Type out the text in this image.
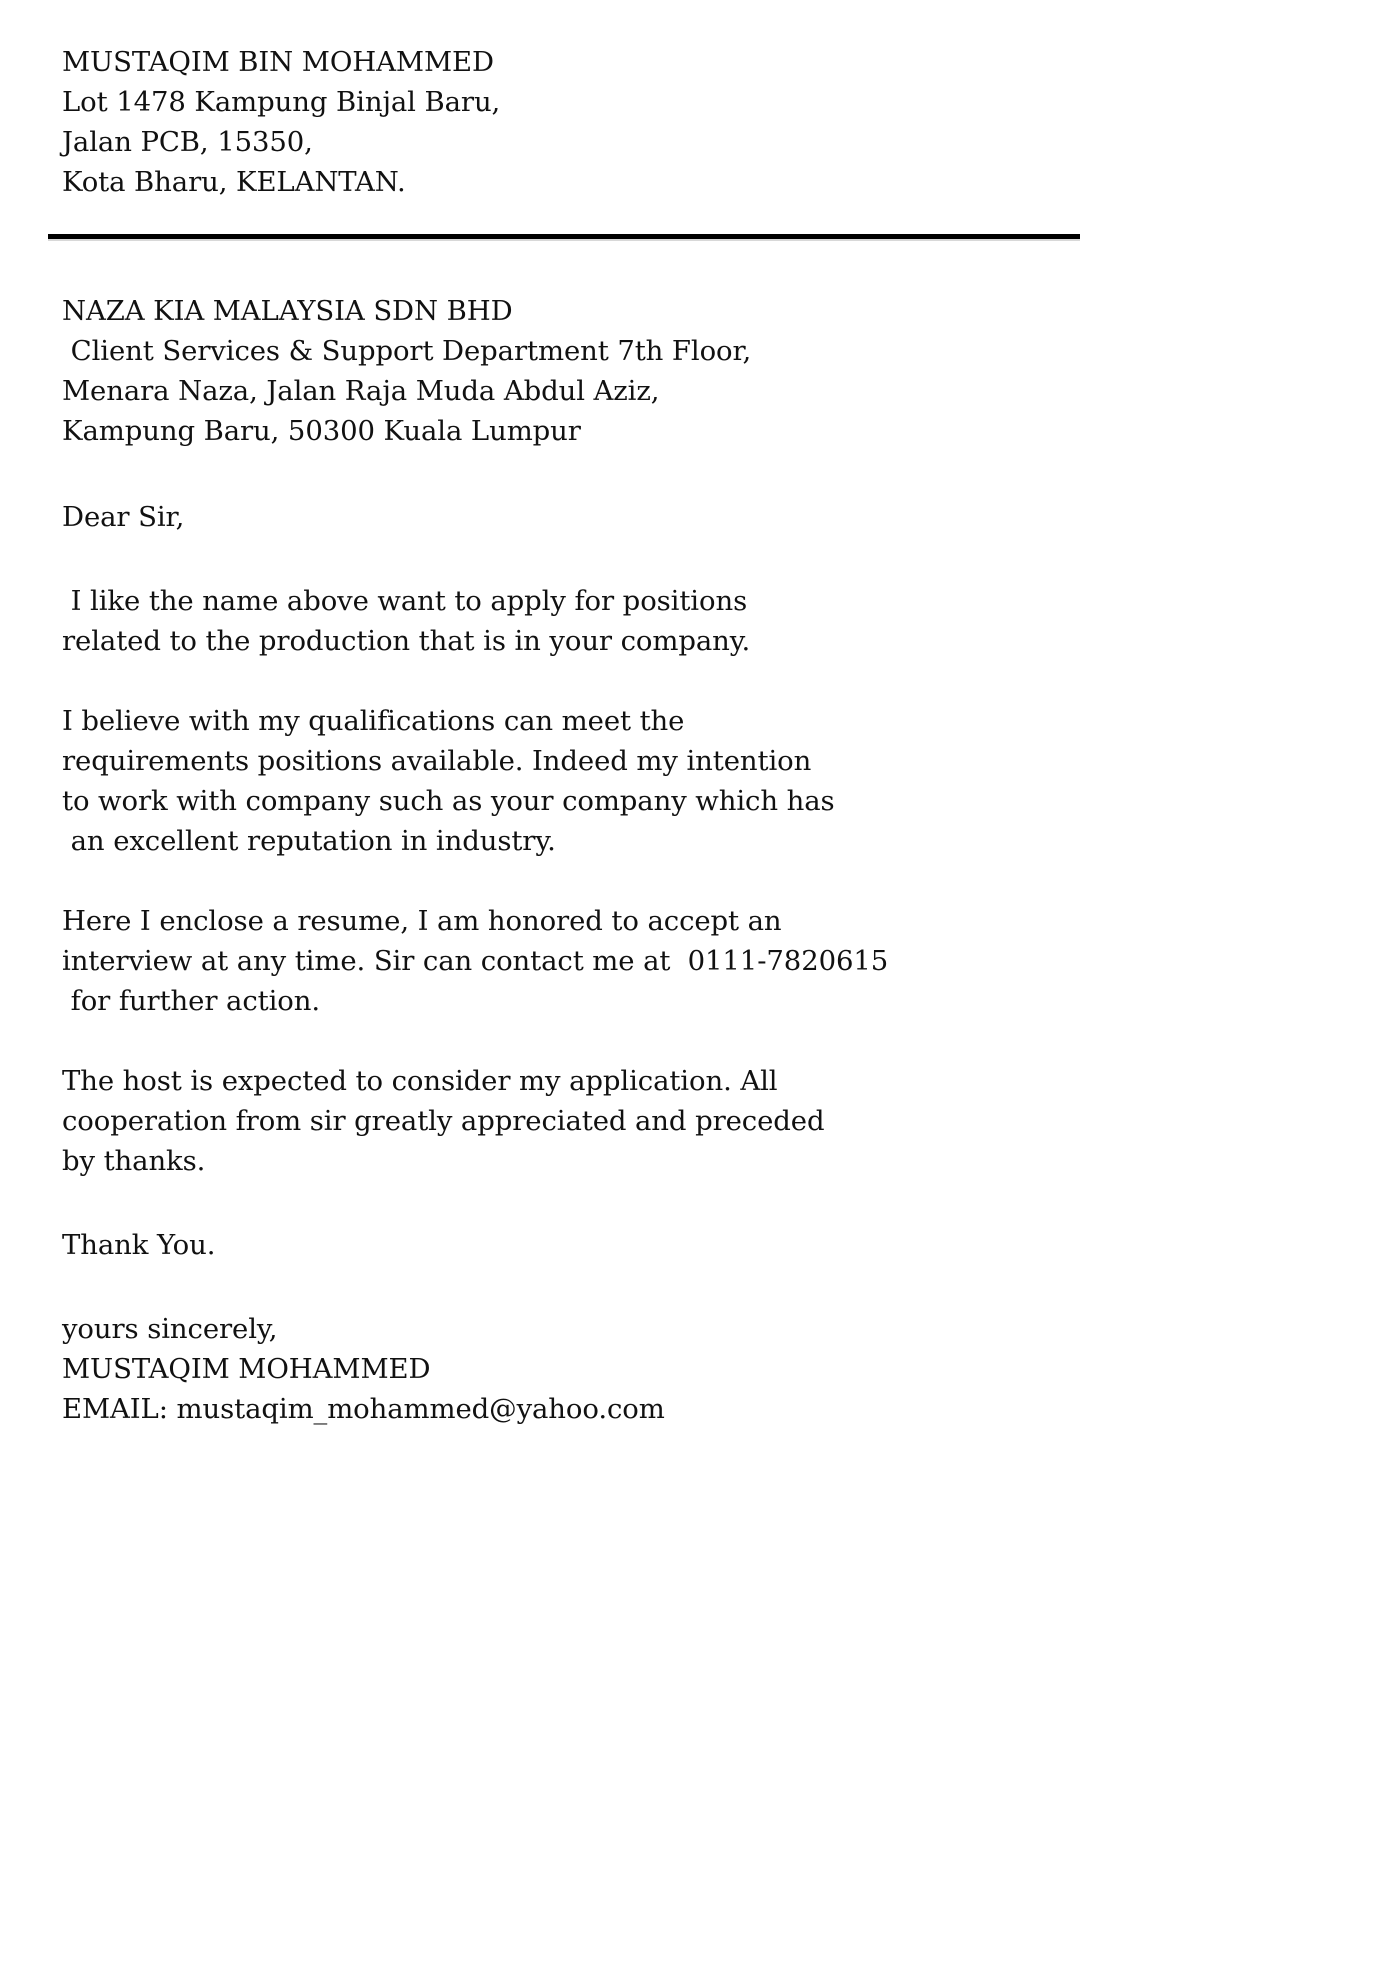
MUSTAQIM BIN MOHAMMED
Lot 1478 Kampung Binjal Baru,
Jalan PCB, 15350,
Kota Bharu, KELANTAN.
NAZA KIA MALAYSIA SDN BHD
Client Services & Support Department 7th Floor,
Menara Naza, Jalan Raja Muda Abdul Aziz,
Kampung Baru, 50300 Kuala Lumpur
Dear Sir,
I like the name above want to apply for positions
related to the production that is in your company.
I believe with my qualifications can meet the
requirements positions available. Indeed my intention
to work with company such as your company which has
an excellent reputation in industry.
Here I enclose a resume, I am honored to accept an
interview at any time. Sir can contact me at  0111-7820615
for further action.
The host is expected to consider my application. All
cooperation from sir greatly appreciated and preceded
by thanks.
Thank You.
yours sincerely,
MUSTAQIM MOHAMMED
EMAIL: mustaqim_mohammed@yahoo.com
